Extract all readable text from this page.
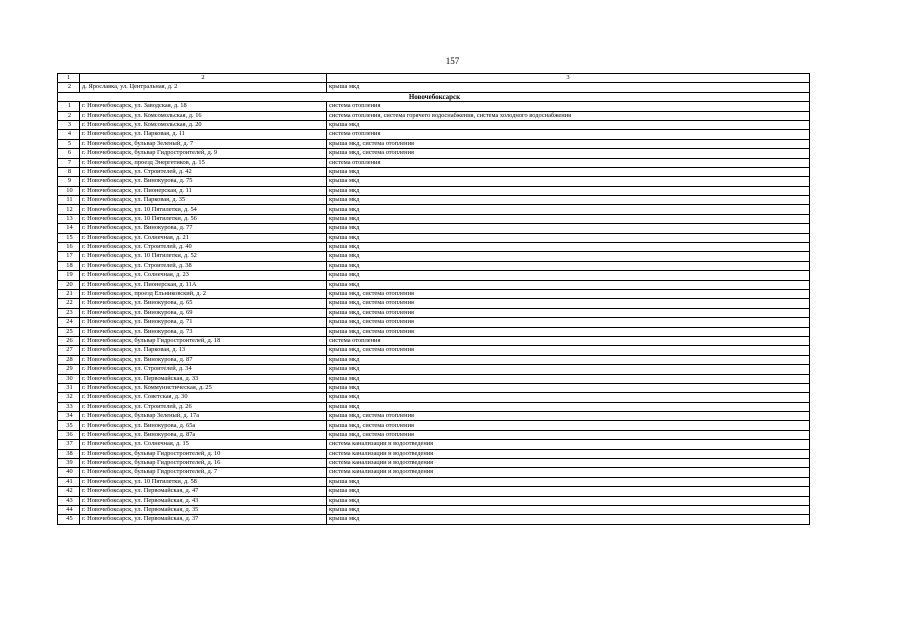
157
1	2	3
2	д. Ярославка, ул. Центральная, д. 2	крыша мкд
Новочебоксарск		
1	г. Новочебоксарск, ул. Заводская, д. 18	система отопления
2	г. Новочебоксарск, ул. Комсомольская, д. 16	система отопления, система горячего водоснабжения, система холодного водоснабжения
3	г. Новочебоксарск, ул. Комсомольская, д. 20	крыша мкд
4	г. Новочебоксарск, ул. Парковая, д. 11	система отопления
5	г. Новочебоксарск, бульвар Зеленый, д. 7	крыша мкд, система отопления
6	г. Новочебоксарск, бульвар Гидростроителей, д. 9	крыша мкд, система отопления
7	г. Новочебоксарск, проезд Энергетиков, д. 15	система отопления
8	г. Новочебоксарск, ул. Строителей, д. 42	крыша мкд
9	г. Новочебоксарск, ул. Винокурова, д. 75	крыша мкд
10	г. Новочебоксарск, ул. Пионерская, д. 11	крыша мкд
11	г. Новочебоксарск, ул. Парковая, д. 35	крыша мкд
12	г. Новочебоксарск, ул. 10 Пятилетки, д. 54	крыша мкд
13	г. Новочебоксарск, ул. 10 Пятилетки, д. 56	крыша мкд
14	г. Новочебоксарск, ул. Винокурова, д. 77	крыша мкд
15	г. Новочебоксарск, ул. Солнечная, д. 21	крыша мкд
16	г. Новочебоксарск, ул. Строителей, д. 40	крыша мкд
17	г. Новочебоксарск, ул. 10 Пятилетки, д. 52	крыша мкд
18	г. Новочебоксарск, ул. Строителей, д. 38	крыша мкд
19	г. Новочебоксарск, ул. Солнечная, д. 23	крыша мкд
20	г. Новочебоксарск, ул. Пионерская, д. 11А	крыша мкд
21	г. Новочебоксарск, проезд Ельниковский, д. 2	крыша мкд, система отопления
22	г. Новочебоксарск, ул. Винокурова, д. 65	крыша мкд, система отопления
23	г. Новочебоксарск, ул. Винокурова, д. 69	крыша мкд, система отопления
24	г. Новочебоксарск, ул. Винокурова, д. 71	крыша мкд, система отопления
25	г. Новочебоксарск, ул. Винокурова, д. 73	крыша мкд, система отопления
26	г. Новочебоксарск, бульвар Гидростроителей, д. 18	система отопления
27	г. Новочебоксарск, ул. Парковая, д. 13	крыша мкд, система отопления
28	г. Новочебоксарск, ул. Винокурова, д. 87	крыша мкд
29	г. Новочебоксарск, ул. Строителей, д. 34	крыша мкд
30	г. Новочебоксарск, ул. Первомайская, д. 33	крыша мкд
31	г. Новочебоксарск, ул. Коммунистическая, д. 25	крыша мкд
32	г. Новочебоксарск, ул. Советская, д. 30	крыша мкд
33	г. Новочебоксарск, ул. Строителей, д. 26	крыша мкд
34	г. Новочебоксарск, бульвар Зеленый, д. 17а	крыша мкд, система отопления
35	г. Новочебоксарск, ул. Винокурова, д. 65а	крыша мкд, система отопления
36	г. Новочебоксарск, ул. Винокурова, д. 87а	крыша мкд, система отопления
37	г. Новочебоксарск, ул. Солнечная, д. 15	система канализации и водоотведения
38	г. Новочебоксарск, бульвар Гидростроителей, д. 10	система канализации и водоотведения
39	г. Новочебоксарск, бульвар Гидростроителей, д. 16	система канализации и водоотведения
40	г. Новочебоксарск, бульвар Гидростроителей, д. 7	система канализации и водоотведения
41	г. Новочебоксарск, ул. 10 Пятилетки, д. 58	крыша мкд
42	г. Новочебоксарск, ул. Первомайская, д. 47	крыша мкд
43	г. Новочебоксарск, ул. Первомайская, д. 43	крыша мкд
44	г. Новочебоксарск, ул. Первомайская, д. 35	крыша мкд
45	г. Новочебоксарск, ул. Первомайская, д. 37	крыша мкд
